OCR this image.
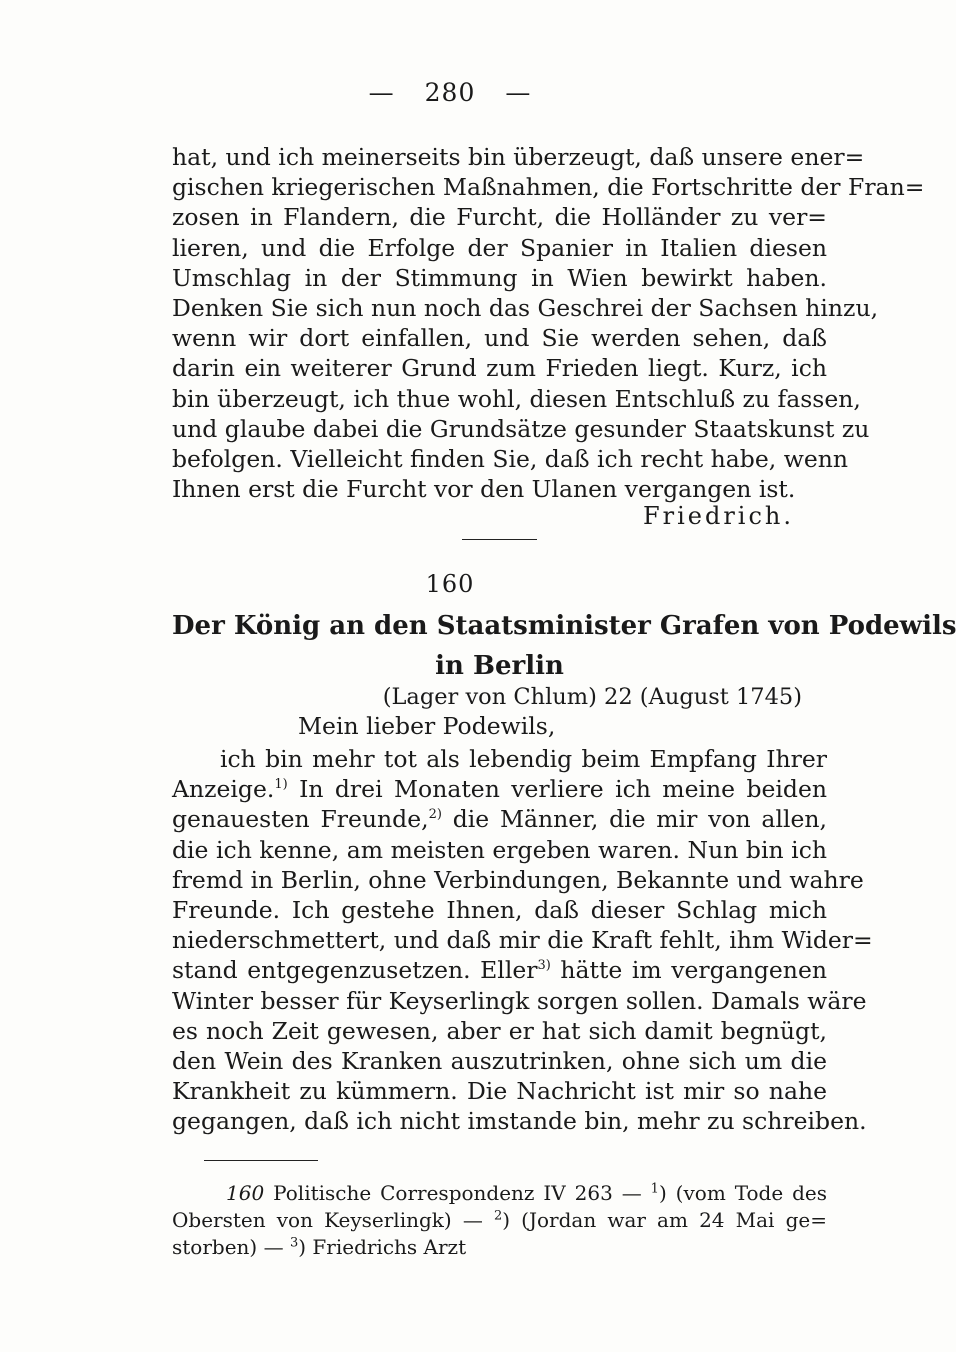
— 280 —
hat, und ich meinerseits bin überzeugt, daß unsere ener=
gischen kriegerischen Maßnahmen, die Fortschritte der Fran=
zosen in Flandern, die Furcht, die Holländer zu ver=
lieren, und die Erfolge der Spanier in Italien diesen
Umschlag in der Stimmung in Wien bewirkt haben.
Denken Sie sich nun noch das Geschrei der Sachsen hinzu,
wenn wir dort einfallen, und Sie werden sehen, daß
darin ein weiterer Grund zum Frieden liegt. Kurz, ich
bin überzeugt, ich thue wohl, diesen Entschluß zu fassen,
und glaube dabei die Grundsätze gesunder Staatskunst zu
befolgen. Vielleicht finden Sie, daß ich recht habe, wenn
Ihnen erst die Furcht vor den Ulanen vergangen ist.
Friedrich.
160
Der König an den Staatsminister Grafen von Podewils
in Berlin
(Lager von Chlum) 22 (August 1745)
Mein lieber Podewils,
ich bin mehr tot als lebendig beim Empfang Ihrer
Anzeige.$^{1)}$ In drei Monaten verliere ich meine beiden
genauesten Freunde,$^{2)}$ die Männer, die mir von allen,
die ich kenne, am meisten ergeben waren. Nun bin ich
fremd in Berlin, ohne Verbindungen, Bekannte und wahre
Freunde. Ich gestehe Ihnen, daß dieser Schlag mich
niederschmettert, und daß mir die Kraft fehlt, ihm Wider=
stand entgegenzusetzen. Eller$^{3)}$ hätte im vergangenen
Winter besser für Keyserlingk sorgen sollen. Damals wäre
es noch Zeit gewesen, aber er hat sich damit begnügt,
den Wein des Kranken auszutrinken, ohne sich um die
Krankheit zu kümmern. Die Nachricht ist mir so nahe
gegangen, daß ich nicht imstande bin, mehr zu schreiben.
160 Politische Correspondenz IV 263 — $^1$) (vom Tode des
Obersten von Keyserlingk) — $^2$) (Jordan war am 24 Mai ge=
storben) — $^3$) Friedrichs Arzt
